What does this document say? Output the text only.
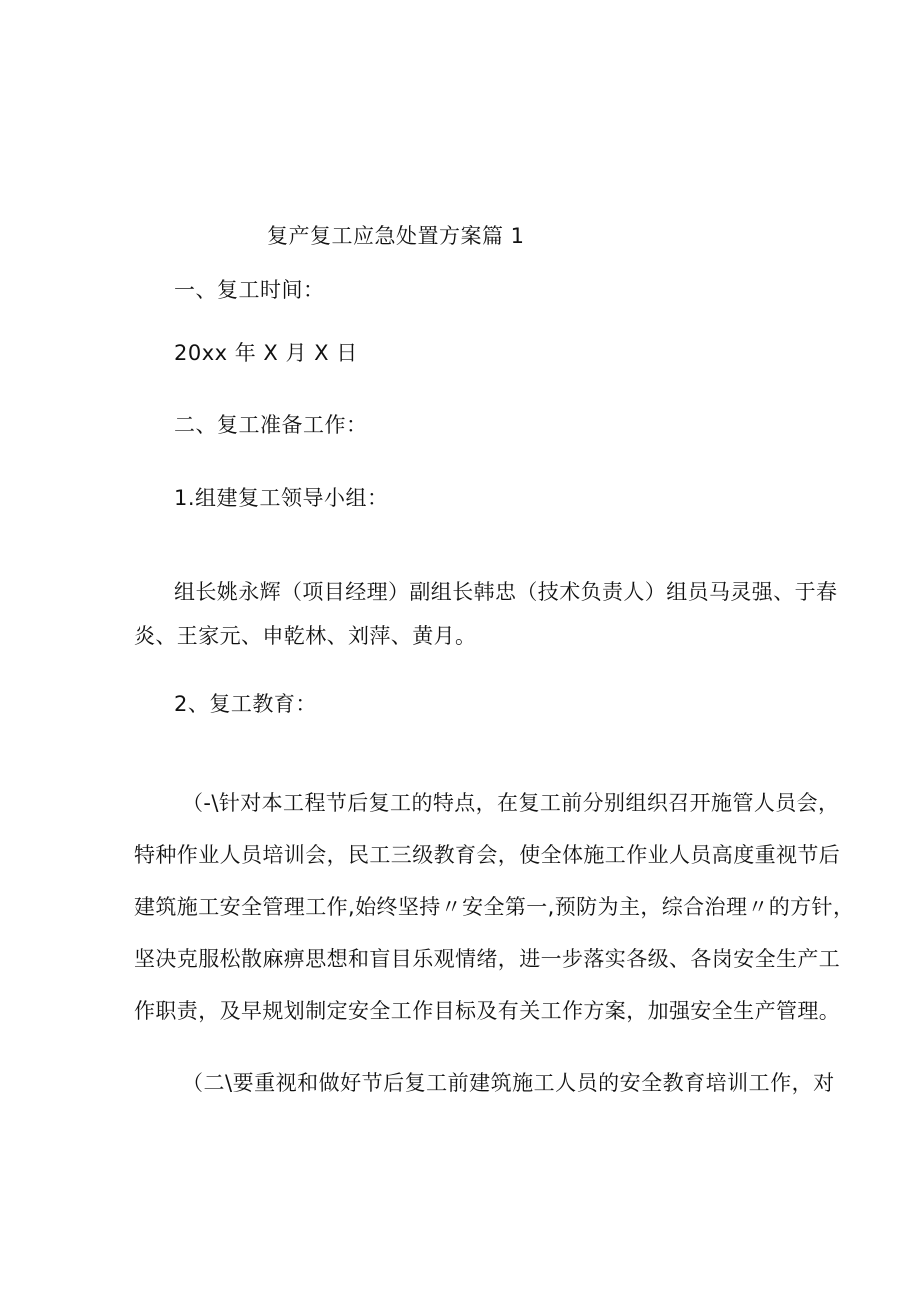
复产复工应急处置方案篇 1
一、复工时间：
20xx 年 X 月 X 日
二、复工准备工作：
1.组建复工领导小组：
组长姚永辉（项目经理）副组长韩忠（技术负责人）组员马灵强、于春
炎、王家元、申乾林、刘萍、黄月。
2、复工教育：
（-\针对本工程节后复工的特点，在复工前分别组织召开施管人员会，
特种作业人员培训会，民工三级教育会，使全体施工作业人员高度重视节后
建筑施工安全管理工作,始终坚持〃安全第一,预防为主，综合治理〃的方针，
坚决克服松散麻痹思想和盲目乐观情绪，进一步落实各级、各岗安全生产工
作职责，及早规划制定安全工作目标及有关工作方案，加强安全生产管理。
（二\要重视和做好节后复工前建筑施工人员的安全教育培训工作，对
